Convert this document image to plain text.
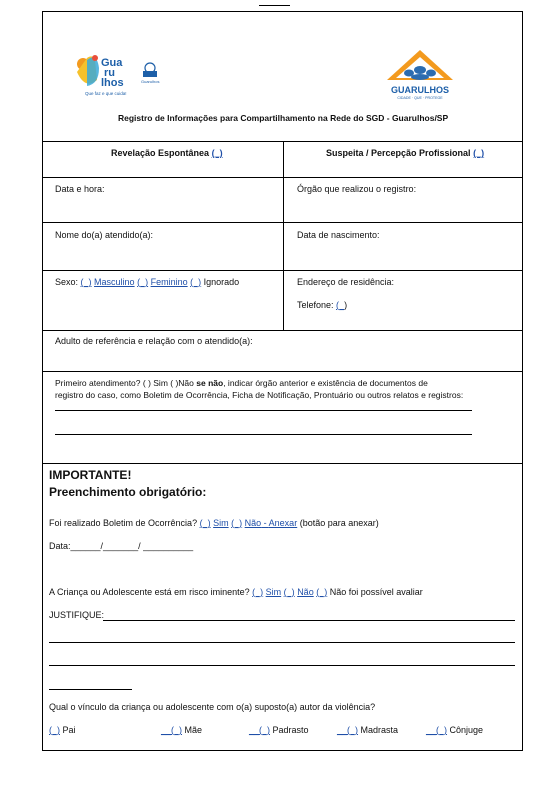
Gua
ru
lhos
Que faz e que cuida!
Guarulhos
GUARULHOS
CIDADE · QUE · PROTEGE
Registro de Informações para Compartilhamento na Rede do SGD - Guarulhos/SP
Revelação Espontânea (_)	Suspeita / Percepção Profissional (_)
Data e hora:	Órgão que realizou o registro:
Nome do(a) atendido(a):	Data de nascimento:
Sexo: (_) Masculino (_) Feminino (_) Ignorado	Endereço de residência:
Telefone: (_)
Adulto de referência e relação com o atendido(a):
Primeiro atendimento? ( ) Sim ( )Não se não, indicar órgão anterior e existência de documentos de
registro do caso, como Boletim de Ocorrência, Ficha de Notificação, Prontuário ou outros relatos e registros:
IMPORTANTE!
Preenchimento obrigatório:
Foi realizado Boletim de Ocorrência? (_) Sim (_) Não - Anexar (botão para anexar)
Data:______/_______/ __________
A Criança ou Adolescente está em risco iminente? (_) Sim (_) Não (_) Não foi possível avaliar
JUSTIFIQUE:
Qual o vínculo da criança ou adolescente com o(a) suposto(a) autor da violência?
(_) Pai	__(_) Mãe	__(_) Padrasto	__(_) Madrasta	__(_) Cônjuge
